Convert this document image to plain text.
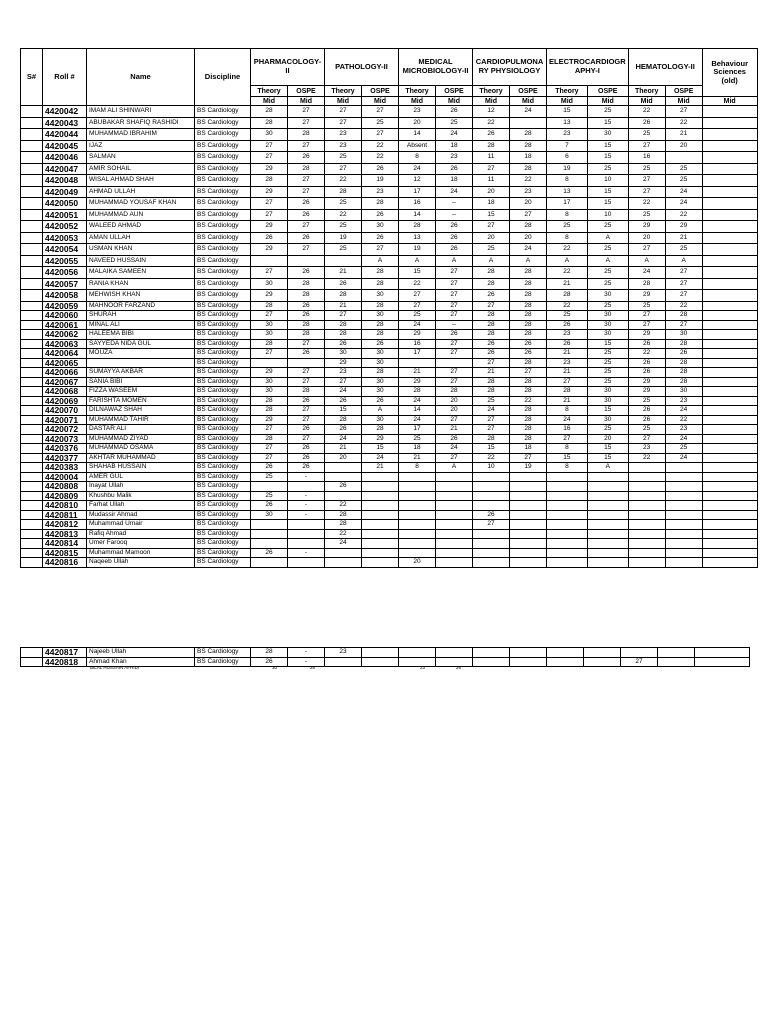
S#	Roll #	Name	Discipline	PHARMACOLOGY-II		PATHOLOGY-II		MEDICAL MICROBIOLOGY-II		CARDIOPULMONA RY PHYSIOLOGY		ELECTROCARDIOGR APHY-I		HEMATOLOGY-II		Behaviour Sciences (old)
				Theory	OSPE	Theory	OSPE	Theory	OSPE	Theory	OSPE	Theory	OSPE	Theory	OSPE	
				Mid	Mid	Mid	Mid	Mid	Mid	Mid	Mid	Mid	Mid	Mid	Mid	Mid
	4420042	IMAM ALI SHINWARI	BS Cardiology	28	27	27	27	23	26	12	24	15	25	22	27	
	4420043	ABUBAKAR SHAFIQ RASHIDI	BS Cardiology	28	27	27	25	20	25	22		13	15	26	22	
	4420044	MUHAMMAD IBRAHIM	BS Cardiology	30	28	23	27	14	24	26	28	23	30	25	21	
	4420045	IJAZ	BS Cardiology	27	27	23	22	Absent	18	28	28	7	15	27	20	
	4420046	SALMAN	BS Cardiology	27	26	25	22	8	23	11	18	6	15	16		
	4420047	AMIR SOHAIL	BS Cardiology	29	28	27	26	24	26	27	28	19	25	25	25	
	4420048	WISAL AHMAD SHAH	BS Cardiology	28	27	22	19	12	18	11	22	8	10	27	25	
	4420049	AHMAD ULLAH	BS Cardiology	29	27	28	23	17	24	20	23	13	15	27	24	
	4420050	MUHAMMAD YOUSAF KHAN	BS Cardiology	27	26	25	28	16	--	18	20	17	15	22	24	
	4420051	MUHAMMAD AUN	BS Cardiology	27	26	22	26	14	--	15	27	8	10	25	22	
	4420052	WALEED AHMAD	BS Cardiology	29	27	25	30	28	26	27	28	25	25	29	29	
	4420053	AMAN ULLAH	BS Cardiology	26	26	19	26	13	26	20	20	8	A	20	21	
	4420054	USMAN KHAN	BS Cardiology	29	27	25	27	19	26	25	24	22	25	27	25	
	4420055	NAVEED HUSSAIN	BS Cardiology				A	A	A	A	A	A	A	A	A	
	4420056	MALAIKA SAMEEN	BS Cardiology	27	26	21	28	15	27	28	28	22	25	24	27	
	4420057	RANIA KHAN	BS Cardiology	30	28	26	28	22	27	28	28	21	25	28	27	
	4420058	MEHWISH KHAN	BS Cardiology	29	28	28	30	27	27	26	28	28	30	29	27	
	4420059	MAHNOOR FARZAND	BS Cardiology	28	26	21	28	27	27	27	28	22	25	25	22	
	4420060	SHURAH	BS Cardiology	27	26	27	30	25	27	28	28	25	30	27	28	
	4420061	MINAL ALI	BS Cardiology	30	28	28	28	24	--	28	28	26	30	27	27	
	4420062	HALEEMA BIBI	BS Cardiology	30	28	28	28	29	26	28	28	23	30	29	30	
	4420063	SAYYEDA NIDA GUL	BS Cardiology	28	27	26	26	16	27	26	26	26	15	26	28	
	4420064	MOUZA	BS Cardiology	27	26	30	30	17	27	26	26	21	25	22	26	
	4420065		BS Cardiology			29	30			27	28	23	25	26	28	
	4420066	SUMAYYA AKBAR	BS Cardiology	29	27	23	28	21	27	21	27	21	25	26	28	
	4420067	SANIA BIBI	BS Cardiology	30	27	27	30	29	27	28	28	27	25	29	28	
	4420068	FIZZA WASEEM	BS Cardiology	30	28	24	30	28	28	28	28	28	30	29	30	
	4420069	FARISHTA MOMEN	BS Cardiology	28	26	26	26	24	20	25	22	21	30	25	23	
	4420070	DILNAWAZ SHAH	BS Cardiology	28	27	15	A	14	20	24	28	8	15	26	24	
	4420071	MUHAMMAD TAHIR	BS Cardiology	29	27	28	30	24	27	27	28	24	30	26	22	
	4420072	DASTAR ALI	BS Cardiology	27	26	26	28	17	21	27	28	16	25	25	23	
	4420073	MUHAMMAD ZIYAD	BS Cardiology	28	27	24	29	25	26	28	28	27	20	27	24	
	4420376	MUHAMMAD OSAMA	BS Cardiology	27	26	21	15	18	24	15	18	8	15	23	25	
	4420377	AKHTAR MUHAMMAD	BS Cardiology	27	26	20	24	21	27	22	27	15	15	22	24	
	4420383	SHAHAB HUSSAIN	BS Cardiology	26	26		21	8	A	10	19	8	A			
	4420004	AMER GUL	BS Cardiology	25	-											
	4420808	Inayat Ullah	BS Cardiology			26										
	4420809	Khushbu Malik	BS Cardiology	25	-											
	4420810	Farhat Ullah	BS Cardiology	26	-	22										
	4420811	Mudassir Ahmad	BS Cardiology	30	-	28				26						
	4420812	Muhammad Umair	BS Cardiology			28				27						
	4420813	Rafiq Ahmad	BS Cardiology			22										
	4420814	Umer Farooq	BS Cardiology			24										
	4420815	Muhammad Mamoon	BS Cardiology	26	-											
	4420816	Naqeeb Ullah	BS Cardiology					20								
	4420817	Najeeb Ullah	BS Cardiology	28	-	23										
	4420818	Ahmad Khan	BS Cardiology	26	-									27		
BILAL HUSSAIN AFRIDI	30	28	23	26
